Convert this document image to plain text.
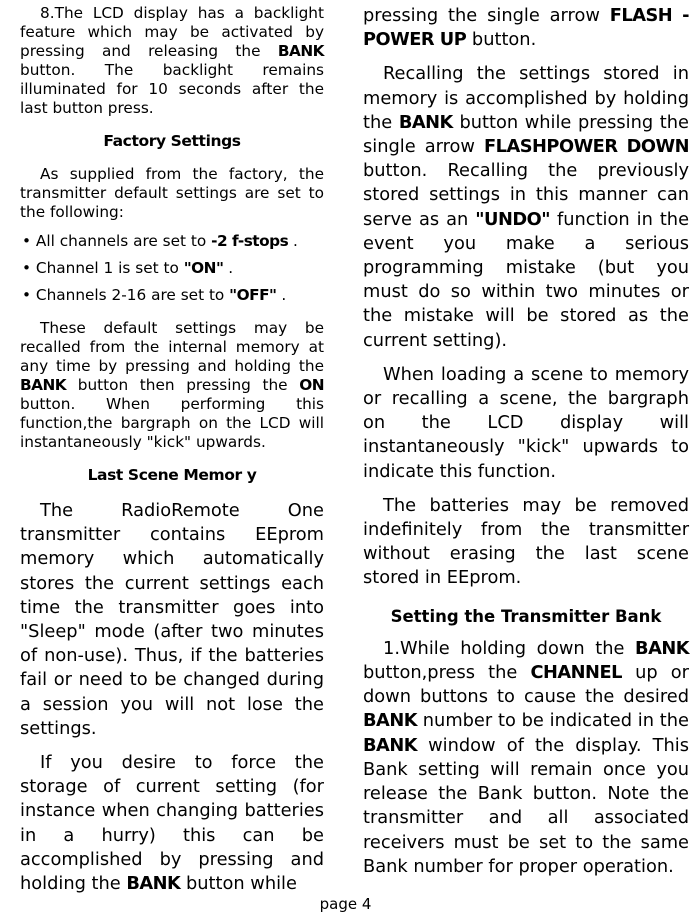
8.The LCD display has a backlight feature which may be activated by pressing and releasing the BANK button. The backlight remains illuminated for 10 seconds after the last button press.

Factory Settings

As supplied from the factory, the transmitter default settings are set to the following:

• All channels are set to -2 f-stops .

• Channel 1 is set to "ON" .

• Channels 2-16 are set to "OFF" .

These default settings may be recalled from the internal memory at any time by pressing and holding the BANK button then pressing the ON button. When performing this function,the bargraph on the LCD will instantaneously "kick" upwards.

Last Scene Memor y

The RadioRemote One transmitter contains EEprom memory which automatically stores the current settings each time the transmitter goes into "Sleep" mode (after two minutes of non-use). Thus, if the batteries fail or need to be changed during a session you will not lose the settings.

If you desire to force the storage of current setting (for instance when changing batteries in a hurry) this can be accomplished by pressing and holding the BANK button while

pressing the single arrow FLASH - POWER UP button.

Recalling the settings stored in memory is accomplished by holding the BANK button while pressing the single arrow FLASHPOWER DOWN button. Recalling the previously stored settings in this manner can serve as an "UNDO" function in the event you make a serious programming mistake (but you must do so within two minutes or the mistake will be stored as the current setting).

When loading a scene to memory or recalling a scene, the bargraph on the LCD display will instantaneously "kick" upwards to indicate this function.

The batteries may be removed indefinitely from the transmitter without erasing the last scene stored in EEprom.

Setting the Transmitter Bank

1.While holding down the BANK button,press the CHANNEL up or down buttons to cause the desired BANK number to be indicated in the BANK window of the display. This Bank setting will remain once you release the Bank button. Note the transmitter and all associated receivers must be set to the same Bank number for proper operation.

page 4
